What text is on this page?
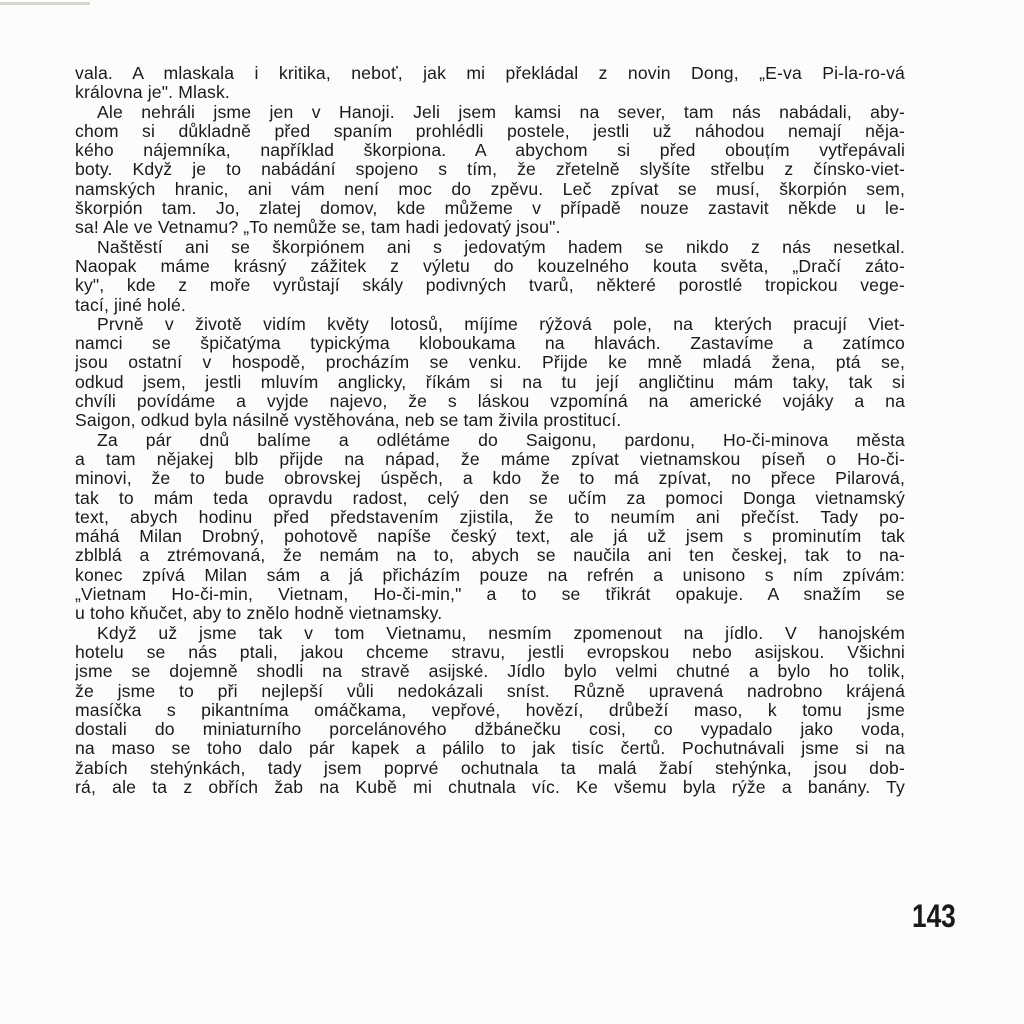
vala. A mlaskala i kritika, neboť, jak mi překládal z novin Dong, „E-va Pi-la-ro-vá
královna je". Mlask.
Ale nehráli jsme jen v Hanoji. Jeli jsem kamsi na sever, tam nás nabádali, aby-
chom si důkladně před spaním prohlédli postele, jestli už náhodou nemají něja-
kého nájemníka, například škorpiona. A abychom si před obouțím vytřepávali
boty. Když je to nabádání spojeno s tím, že zřetelně slyšíte střelbu z čínsko-viet-
namských hranic, ani vám není moc do zpěvu. Leč zpívat se musí, škorpión sem,
škorpión tam. Jo, zlatej domov, kde můžeme v případě nouze zastavit někde u le-
sa! Ale ve Vetnamu? „To nemůže se, tam hadi jedovatý jsou".
Naštěstí ani se škorpiónem ani s jedovatým hadem se nikdo z nás nesetkal.
Naopak máme krásný zážitek z výletu do kouzelného kouta světa, „Dračí záto-
ky", kde z moře vyrůstají skály podivných tvarů, některé porostlé tropickou vege-
tací, jiné holé.
Prvně v životě vidím květy lotosů, míjíme rýžová pole, na kterých pracují Viet-
namci se špičatýma typickýma kloboukama na hlavách. Zastavíme a zatímco
jsou ostatní v hospodě, procházím se venku. Přijde ke mně mladá žena, ptá se,
odkud jsem, jestli mluvím anglicky, říkám si na tu její angličtinu mám taky, tak si
chvíli povídáme a vyjde najevo, že s láskou vzpomíná na americké vojáky a na
Saigon, odkud byla násilně vystěhována, neb se tam živila prostitucí.
Za pár dnů balíme a odlétáme do Saigonu, pardonu, Ho-či-minova města
a tam nějakej blb přijde na nápad, že máme zpívat vietnamskou píseň o Ho-či-
minovi, že to bude obrovskej úspěch, a kdo že to má zpívat, no přece Pilarová,
tak to mám teda opravdu radost, celý den se učím za pomoci Donga vietnamský
text, abych hodinu před představením zjistila, že to neumím ani přečíst. Tady po-
máhá Milan Drobný, pohotově napíše český text, ale já už jsem s prominutím tak
zblblá a ztrémovaná, že nemám na to, abych se naučila ani ten českej, tak to na-
konec zpívá Milan sám a já přicházím pouze na refrén a unisono s ním zpívám:
„Vietnam Ho-či-min, Vietnam, Ho-či-min," a to se třikrát opakuje. A snažím se
u toho kňučet, aby to znělo hodně vietnamsky.
Když už jsme tak v tom Vietnamu, nesmím zpomenout na jídlo. V hanojském
hotelu se nás ptali, jakou chceme stravu, jestli evropskou nebo asijskou. Všichni
jsme se dojemně shodli na stravě asijské. Jídlo bylo velmi chutné a bylo ho tolik,
že jsme to při nejlepší vůli nedokázali sníst. Různě upravená nadrobno krájená
masíčka s pikantníma omáčkama, vepřové, hovězí, drůbeží maso, k tomu jsme
dostali do miniaturního porcelánového džbánečku cosi, co vypadalo jako voda,
na maso se toho dalo pár kapek a pálilo to jak tisíc čertů. Pochutnávali jsme si na
žabích stehýnkách, tady jsem poprvé ochutnala ta malá žabí stehýnka, jsou dob-
rá, ale ta z obřích žab na Kubě mi chutnala víc. Ke všemu byla rýže a banány. Ty
143
